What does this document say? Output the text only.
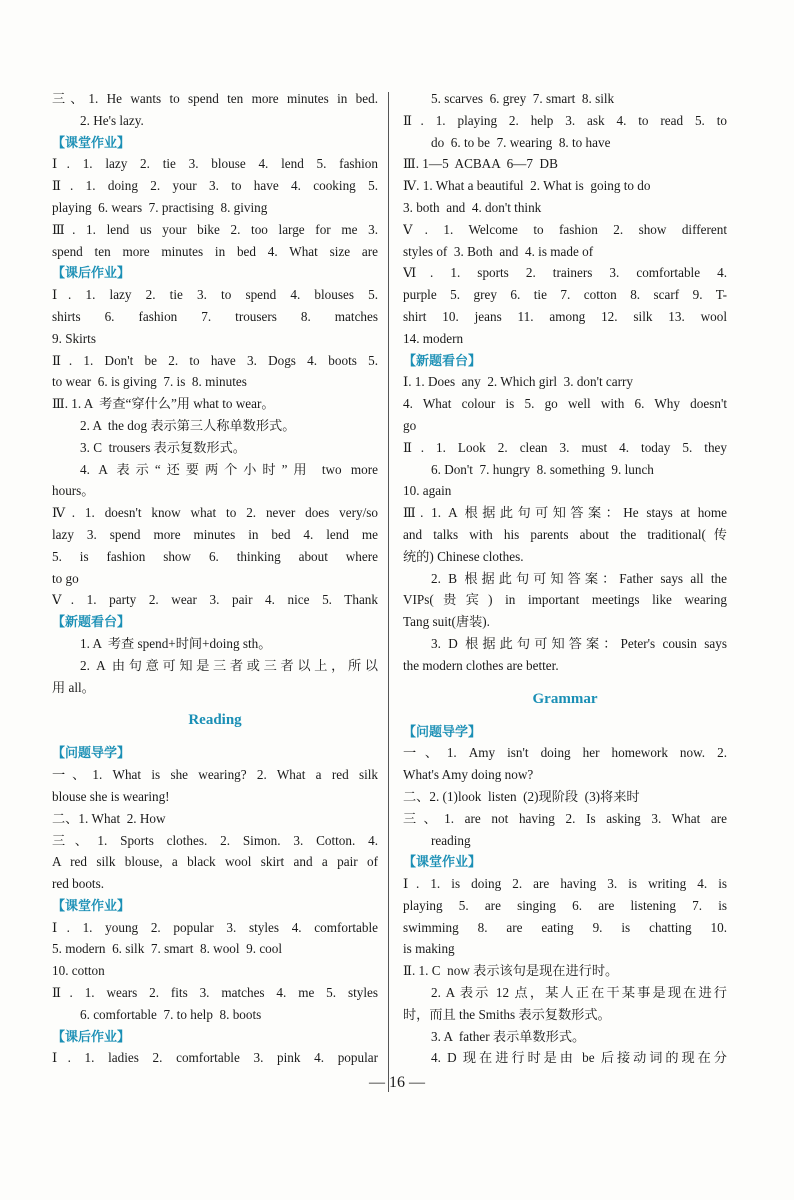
三、1. He wants to spend ten more minutes in bed.
2. He's lazy.
【课堂作业】
Ⅰ. 1. lazy 2. tie 3. blouse 4. lend 5. fashion
Ⅱ. 1. doing 2. your 3. to have 4. cooking 5.
playing  6. wears  7. practising  8. giving
Ⅲ. 1. lend us your bike 2. too large for me 3.
spend ten more minutes in bed 4. What size are
【课后作业】
Ⅰ. 1. lazy 2. tie 3. to spend 4. blouses 5.
shirts 6. fashion 7. trousers 8. matches
9. Skirts
Ⅱ. 1. Don't be 2. to have 3. Dogs 4. boots 5.
to wear  6. is giving  7. is  8. minutes
Ⅲ. 1. A  考查“穿什么”用 what to wear。
2. A  the dog 表示第三人称单数形式。
3. C  trousers 表示复数形式。
4. A 表示“还要两个小时”用 two more
hours。
Ⅳ. 1. doesn't know what to 2. never does very/so
lazy 3. spend more minutes in bed 4. lend me
5. is fashion show 6. thinking about where
to go
Ⅴ. 1. party 2. wear 3. pair 4. nice 5. Thank
【新题看台】
1. A  考查 spend+时间+doing sth。
2. A 由句意可知是三者或三者以上，所以
用 all。
Reading
【问题导学】
一、1. What is she wearing? 2. What a red silk
blouse she is wearing!
二、1. What  2. How
三、1. Sports clothes. 2. Simon. 3. Cotton. 4.
A red silk blouse, a black wool skirt and a pair of
red boots.
【课堂作业】
Ⅰ. 1. young 2. popular 3. styles 4. comfortable
5. modern  6. silk  7. smart  8. wool  9. cool
10. cotton
Ⅱ. 1. wears 2. fits 3. matches 4. me 5. styles
6. comfortable  7. to help  8. boots
【课后作业】
Ⅰ. 1. ladies 2. comfortable 3. pink 4. popular
5. scarves  6. grey  7. smart  8. silk
Ⅱ. 1. playing 2. help 3. ask 4. to read 5. to
do  6. to be  7. wearing  8. to have
Ⅲ. 1—5  ACBAA  6—7  DB
Ⅳ. 1. What a beautiful  2. What is  going to do
3. both  and  4. don't think
Ⅴ. 1. Welcome to fashion 2. show different
styles of  3. Both  and  4. is made of
Ⅵ. 1. sports 2. trainers 3. comfortable 4.
purple 5. grey 6. tie 7. cotton 8. scarf 9. T-
shirt 10. jeans 11. among 12. silk 13. wool
14. modern
【新题看台】
Ⅰ. 1. Does  any  2. Which girl  3. don't carry
4. What colour is 5. go well with 6. Why doesn't
go
Ⅱ. 1. Look 2. clean 3. must 4. today 5. they
6. Don't  7. hungry  8. something  9. lunch
10. again
Ⅲ. 1. A 根据此句可知答案：He stays at home
and talks with his parents about the traditional(传
统的) Chinese clothes.
2. B 根据此句可知答案：Father says all the
VIPs(贵宾) in important meetings like wearing
Tang suit(唐装).
3. D 根据此句可知答案：Peter's cousin says
the modern clothes are better.
Grammar
【问题导学】
一、1. Amy isn't doing her homework now. 2.
What's Amy doing now?
二、2. (1)look  listen  (2)现阶段  (3)将来时
三、1. are not having 2. Is asking 3. What are
reading
【课堂作业】
Ⅰ. 1. is doing 2. are having 3. is writing 4. is
playing 5. are singing 6. are listening 7. is
swimming 8. are eating 9. is chatting 10.
is making
Ⅱ. 1. C  now 表示该句是现在进行时。
2. A 表示 12 点，某人正在干某事是现在进行
时，而且 the Smiths 表示复数形式。
3. A  father 表示单数形式。
4. D 现在进行时是由 be 后接动词的现在分
— 16 —
